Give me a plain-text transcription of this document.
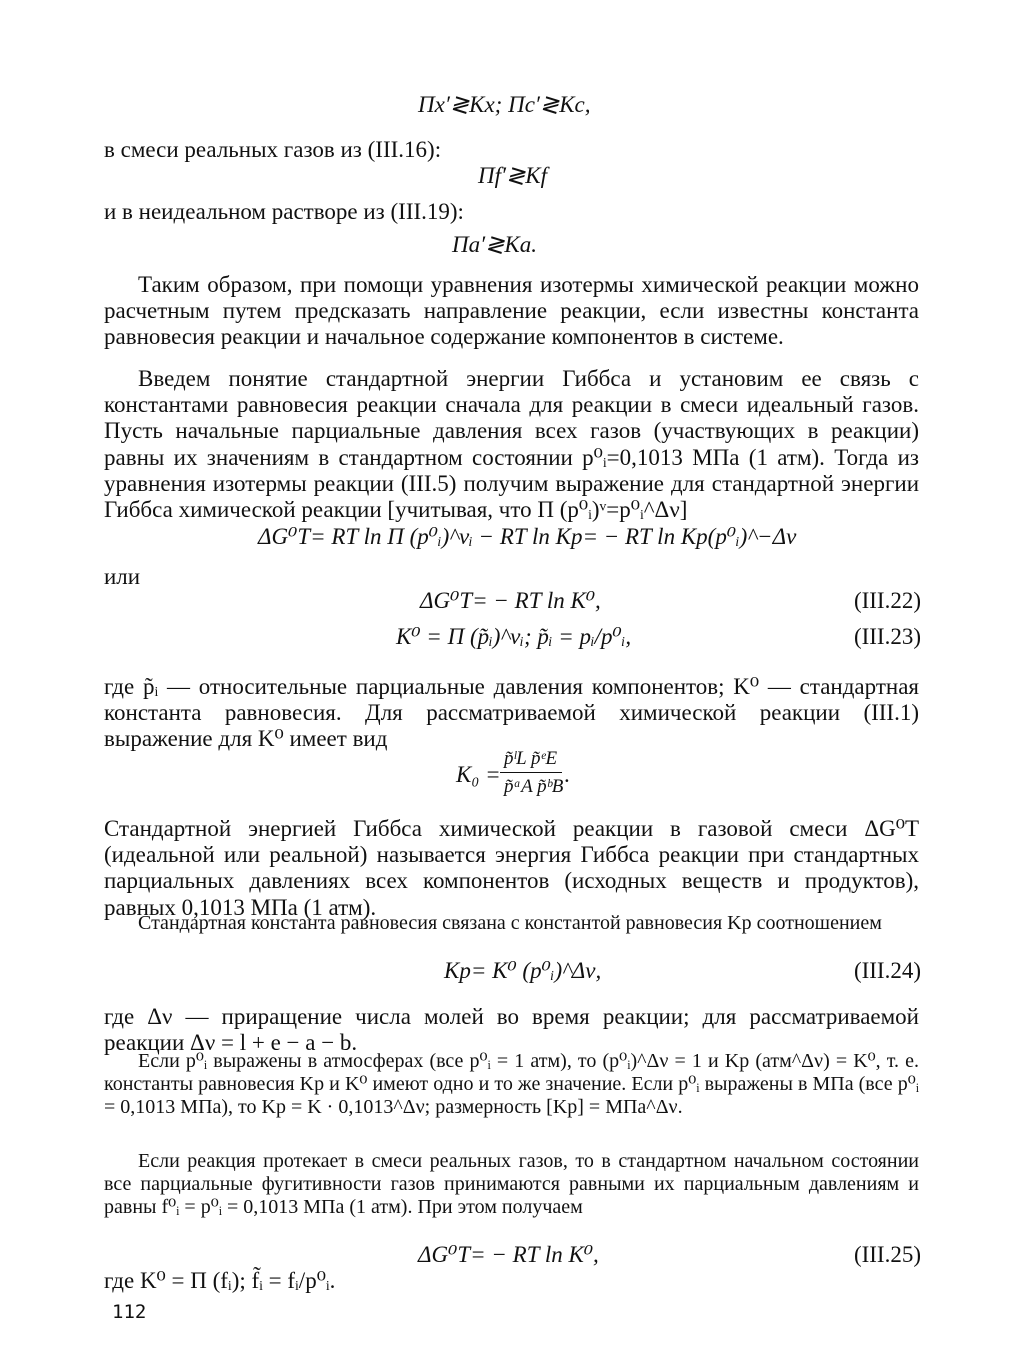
Πx′≷Kx; Πc′≷Kc,
в смеси реальных газов из (III.16):
Πf′≷Kf
и в неидеальном растворе из (III.19):
Πa′≷Ka.
Таким образом, при помощи уравнения изотермы химической реакции можно расчетным путем предсказать направление реакции, если известны константа равновесия реакции и начальное содержание компонентов в системе.
Введем понятие стандартной энергии Гиббса и установим ее связь с константами равновесия реакции сначала для реакции в смеси идеальный газов. Пусть начальные парциальные давления всех газов (участвующих в реакции) равны их значениям в стандартном состоянии p⁰ᵢ=0,1013 МПа (1 атм). Тогда из уравнения изотермы реакции (III.5) получим выражение для стандартной энергии Гиббса химической реакции [учитывая, что Π (p⁰ᵢ)ᵛ=p⁰ᵢ^Δν]
ΔG⁰T= RT ln Π (p⁰ᵢ)^νᵢ − RT ln Kp= − RT ln Kp(p⁰ᵢ)^−Δν
или
ΔG⁰T= − RT ln K⁰,	(III.22)
K⁰ = Π (p̃ᵢ)^νᵢ; p̃ᵢ = pᵢ/p⁰ᵢ,	(III.23)
где p̃ᵢ — относительные парциальные давления компонентов; K⁰ — стандартная константа равновесия. Для рассматриваемой химической реакции (III.1) выражение для K⁰ имеет вид
K₀ =
p̃ˡL p̃ᵉE
p̃ᵃA p̃ᵇB .
Стандартной энергией Гиббса химической реакции в газовой смеси ΔG⁰T (идеальной или реальной) называется энергия Гиббса реакции при стандартных парциальных давлениях всех компонентов (исходных веществ и продуктов), равных 0,1013 МПа (1 атм).
Стандартная константа равновесия связана с константой равновесия Kp соотношением
Kp= K⁰ (p⁰ᵢ)^Δν,	(III.24)
где Δν — приращение числа молей во время реакции; для рассматриваемой реакции Δν = l + e − a − b.
Если p⁰ᵢ выражены в атмосферах (все p⁰ᵢ = 1 атм), то (p⁰ᵢ)^Δν = 1 и Kp (атм^Δν) = K⁰, т. е. константы равновесия Kp и K⁰ имеют одно и то же значение. Если p⁰ᵢ выражены в МПа (все p⁰ᵢ = 0,1013 МПа), то Kp = K · 0,1013^Δν; размерность [Kp] = МПа^Δν.
Если реакция протекает в смеси реальных газов, то в стандартном начальном состоянии все парциальные фугитивности газов принимаются равными их парциальным давлениям и равны f⁰ᵢ = p⁰ᵢ = 0,1013 МПа (1 атм). При этом получаем
ΔG⁰T= − RT ln K⁰,	(III.25)
где K⁰ = Π (fᵢ); f̃ᵢ = fᵢ/p⁰ᵢ.
112
